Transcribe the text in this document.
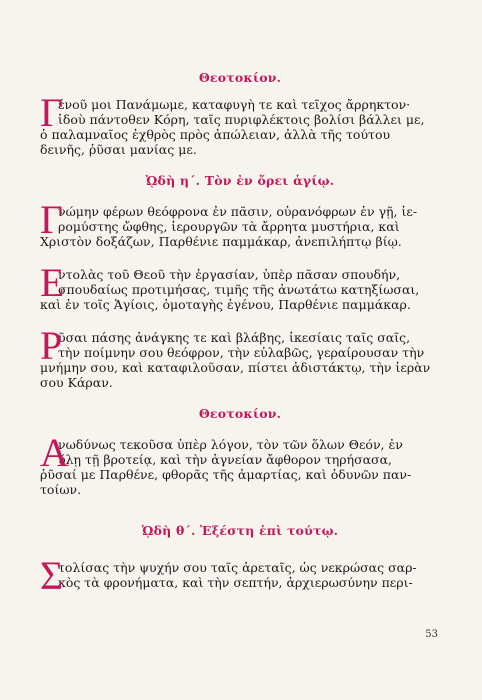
Θεοτοκίον.
Γ
ένοῦ μοι Πανάμωμε, καταφυγὴ τε καὶ τεῖχος ἄρρηκτον·
ἰδοὺ πάντοθεν Κόρη, ταῖς πυριφλέκτοις βολίσι βάλλει με,
ὁ παλαμναῖος ἐχθρὸς πρὸς ἀπώλειαν, ἀλλὰ τῆς τούτου
δεινῆς, ῥῦσαι μανίας με.
ᾨδὴ η΄. Τὸν ἐν ὄρει ἁγίῳ.
Γ
νώμην φέρων θεόφρονα ἐν πᾶσιν, οὐρανόφρων ἐν γῇ, ἱε-
ρομύστης ὤφθης, ἱερουργῶν τὰ ἄρρητα μυστήρια, καὶ
Χριστὸν δοξάζων, Παρθένιε παμμάκαρ, ἀνεπιλήπτῳ βίῳ.
Ε
ντολὰς τοῦ Θεοῦ τὴν ἐργασίαν, ὑπὲρ πᾶσαν σπουδήν,
σπουδαίως προτιμήσας, τιμῆς τῆς ἀνωτάτω κατηξίωσαι,
καὶ ἐν τοῖς Ἁγίοις, ὁμοταγὴς ἐγένου, Παρθένιε παμμάκαρ.
Ρ
ῦσαι πάσης ἀνάγκης τε καὶ βλάβης, ἱκεσίαις ταῖς σαῖς,
τὴν ποίμνην σου θεόφρον, τὴν εὐλαβῶς, γεραίρουσαν τὴν
μνήμην σου, καὶ καταφιλοῦσαν, πίστει ἀδιστάκτῳ, τὴν ἱερὰν
σου Κάραν.
Θεοτοκίον.
Α
νωδύνως τεκοῦσα ὑπὲρ λόγον, τὸν τῶν ὅλων Θεόν, ἐν
ὕλῃ τῇ βροτείᾳ, καὶ τὴν ἁγνείαν ἄφθορον τηρήσασα,
ῥῦσαί με Παρθένε, φθορᾶς τῆς ἁμαρτίας, καὶ ὀδυνῶν παν-
τοίων.
ᾨδὴ θ΄. Ἐξέστη ἐπὶ τούτῳ.
Σ
τολίσας τὴν ψυχήν σου ταῖς ἀρεταῖς, ὡς νεκρώσας σαρ-
κὸς τὰ φρονήματα, καὶ τὴν σεπτήν, ἀρχιερωσύνην περι-
53
